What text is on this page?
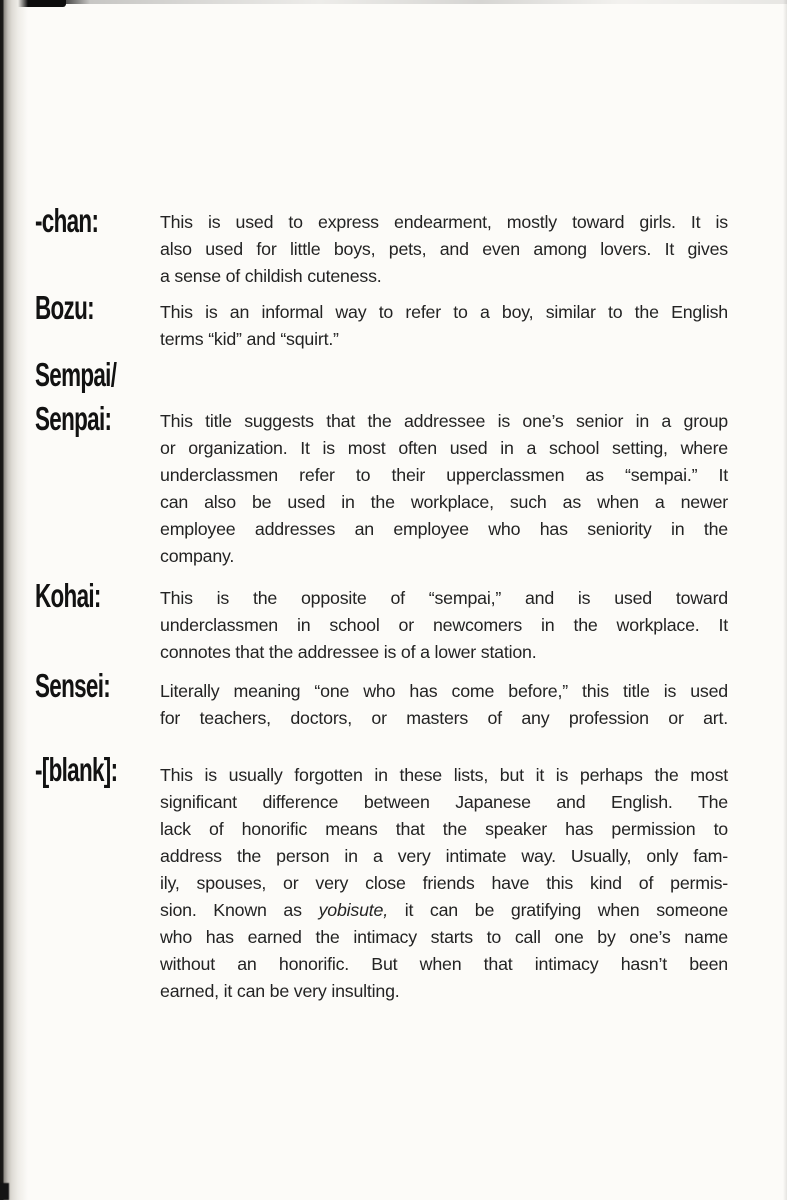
-chan:	This is used to express endearment, mostly toward girls. It is
also used for little boys, pets, and even among lovers. It gives
a sense of childish cuteness.
Bozu:	This is an informal way to refer to a boy, similar to the English
terms “kid” and “squirt.”
Sempai/
Senpai:	This title suggests that the addressee is one’s senior in a group
or organization. It is most often used in a school setting, where
underclassmen refer to their upperclassmen as “sempai.” It
can also be used in the workplace, such as when a newer
employee addresses an employee who has seniority in the
company.
Kohai:	This is the opposite of “sempai,” and is used toward
underclassmen in school or newcomers in the workplace. It
connotes that the addressee is of a lower station.
Sensei:	Literally meaning “one who has come before,” this title is used
for teachers, doctors, or masters of any profession or art.
-[blank]: This is usually forgotten in these lists, but it is perhaps the most
significant difference between Japanese and English. The
lack of honorific means that the speaker has permission to
address the person in a very intimate way. Usually, only fam-
ily, spouses, or very close friends have this kind of permis-
sion. Known as yobisute, it can be gratifying when someone
who has earned the intimacy starts to call one by one’s name
without an honorific. But when that intimacy hasn’t been
earned, it can be very insulting.
